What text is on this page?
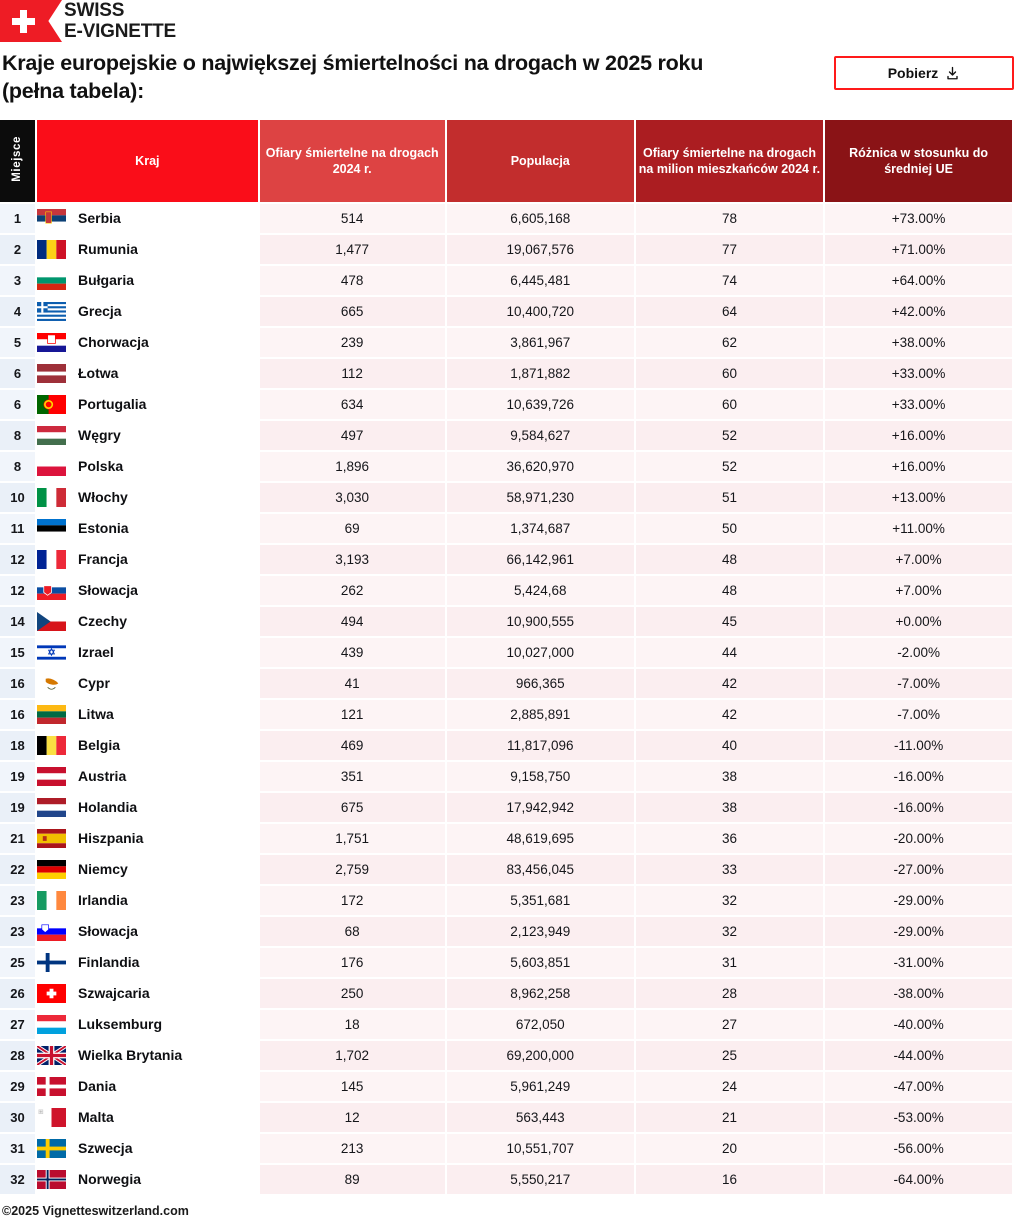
SWISS
E-VIGNETTE
Kraje europejskie o największej śmiertelności na drogach w 2025 roku (pełna tabela):
Pobierz
Miejsce	Kraj	Ofiary śmiertelne na drogach 2024 r.	Populacja	Ofiary śmiertelne na drogach na milion mieszkańców 2024 r.	Różnica w stosunku do średniej UE
1	Serbia	514	6,605,168	78	+73.00%
2	Rumunia	1,477	19,067,576	77	+71.00%
3	Bułgaria	478	6,445,481	74	+64.00%
4	Grecja	665	10,400,720	64	+42.00%
5	Chorwacja	239	3,861,967	62	+38.00%
6	Łotwa	112	1,871,882	60	+33.00%
6	Portugalia	634	10,639,726	60	+33.00%
8	Węgry	497	9,584,627	52	+16.00%
8	Polska	1,896	36,620,970	52	+16.00%
10	Włochy	3,030	58,971,230	51	+13.00%
11	Estonia	69	1,374,687	50	+11.00%
12	Francja	3,193	66,142,961	48	+7.00%
12	Słowacja	262	5,424,68	48	+7.00%
14	Czechy	494	10,900,555	45	+0.00%
15	Izrael	439	10,027,000	44	-2.00%
16	Cypr	41	966,365	42	-7.00%
16	Litwa	121	2,885,891	42	-7.00%
18	Belgia	469	11,817,096	40	-11.00%
19	Austria	351	9,158,750	38	-16.00%
19	Holandia	675	17,942,942	38	-16.00%
21	Hiszpania	1,751	48,619,695	36	-20.00%
22	Niemcy	2,759	83,456,045	33	-27.00%
23	Irlandia	172	5,351,681	32	-29.00%
23	Słowacja	68	2,123,949	32	-29.00%
25	Finlandia	176	5,603,851	31	-31.00%
26	Szwajcaria	250	8,962,258	28	-38.00%
27	Luksemburg	18	672,050	27	-40.00%
28	Wielka Brytania	1,702	69,200,000	25	-44.00%
29	Dania	145	5,961,249	24	-47.00%
30	Malta	12	563,443	21	-53.00%
31	Szwecja	213	10,551,707	20	-56.00%
32	Norwegia	89	5,550,217	16	-64.00%
©2025 Vignetteswitzerland.com
